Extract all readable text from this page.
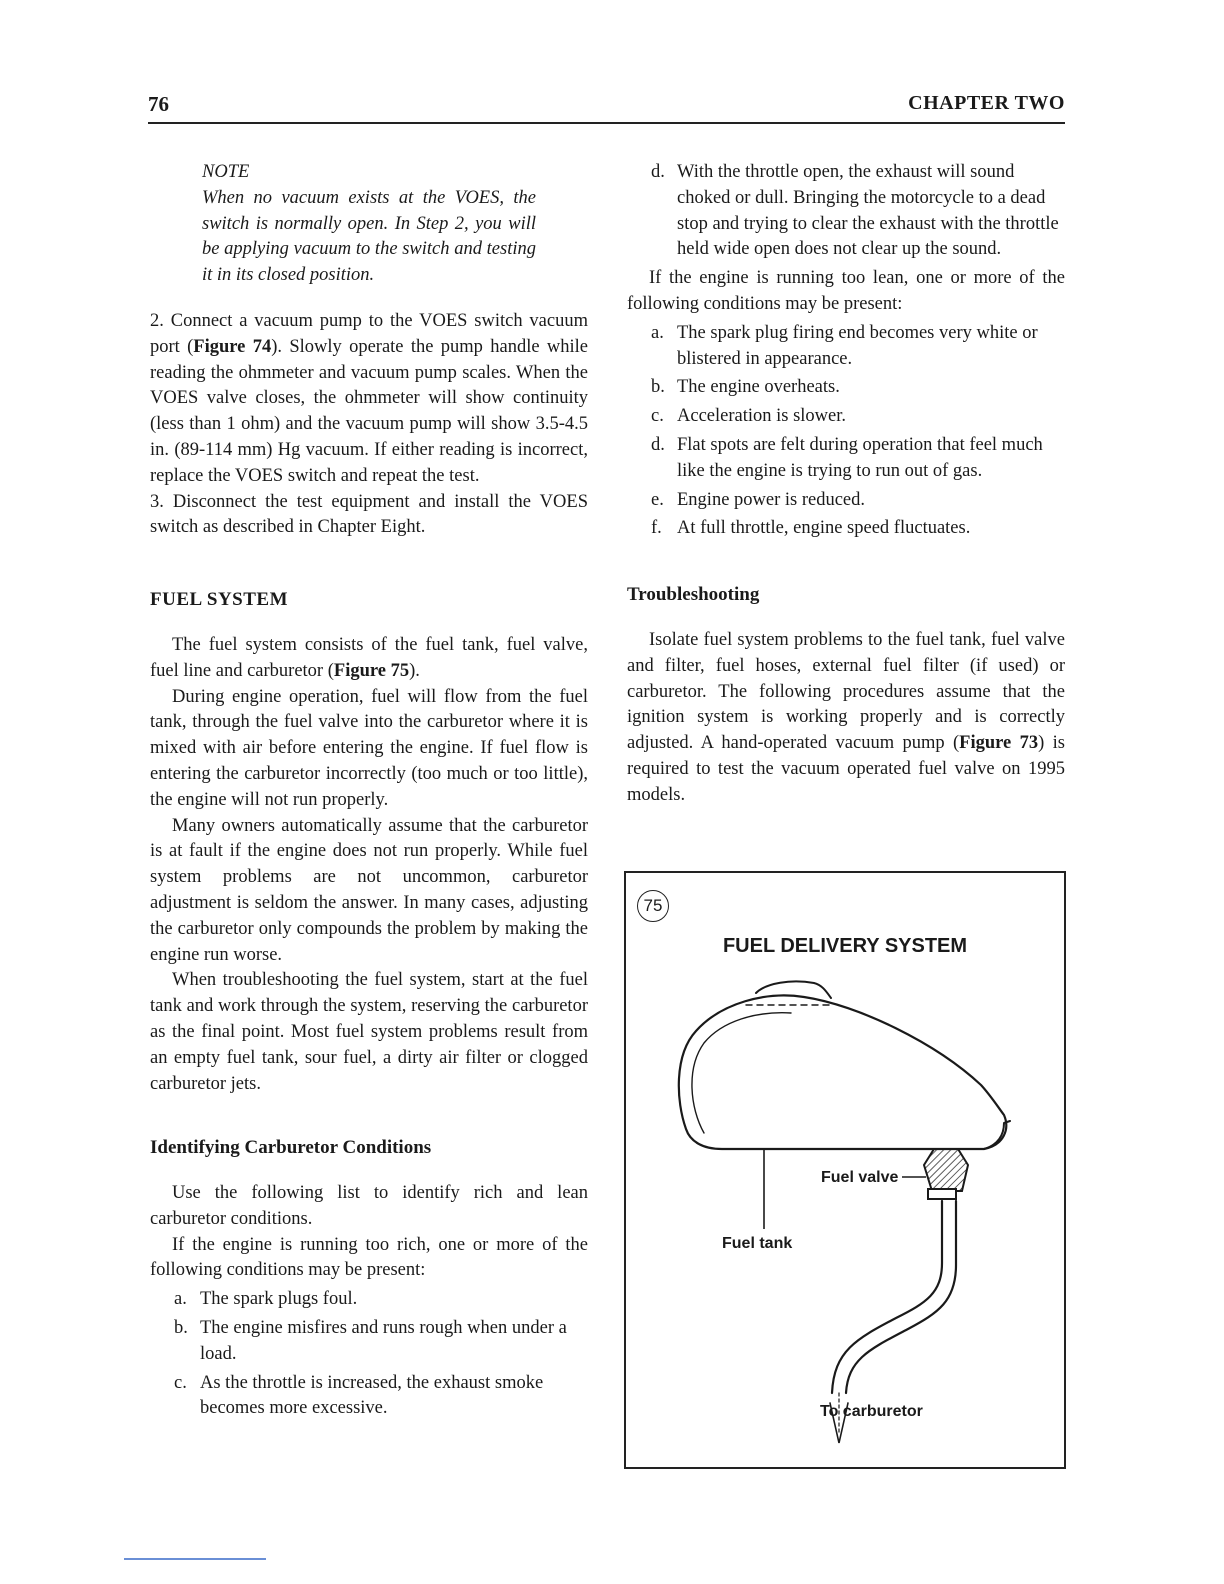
76	CHAPTER TWO

NOTE

When no vacuum exists at the VOES, the switch is normally open. In Step 2, you will be applying vacuum to the switch and testing it in its closed position.

2. Connect a vacuum pump to the VOES switch vacuum port (Figure 74). Slowly operate the pump handle while reading the ohmmeter and vacuum pump scales. When the VOES valve closes, the ohmmeter will show continuity (less than 1 ohm) and the vacuum pump will show 3.5-4.5 in. (89-114 mm) Hg vacuum. If either reading is incorrect, replace the VOES switch and repeat the test.

3. Disconnect the test equipment and install the VOES switch as described in Chapter Eight.

FUEL SYSTEM

The fuel system consists of the fuel tank, fuel valve, fuel line and carburetor (Figure 75).

During engine operation, fuel will flow from the fuel tank, through the fuel valve into the carburetor where it is mixed with air before entering the engine. If fuel flow is entering the carburetor incorrectly (too much or too little), the engine will not run properly.

Many owners automatically assume that the carburetor is at fault if the engine does not run properly. While fuel system problems are not uncommon, carburetor adjustment is seldom the answer. In many cases, adjusting the carburetor only compounds the problem by making the engine run worse.

When troubleshooting the fuel system, start at the fuel tank and work through the system, reserving the carburetor as the final point. Most fuel system problems result from an empty fuel tank, sour fuel, a dirty air filter or clogged carburetor jets.

Identifying Carburetor Conditions

Use the following list to identify rich and lean carburetor conditions.

If the engine is running too rich, one or more of the following conditions may be present:

a. The spark plugs foul.
b. The engine misfires and runs rough when under a load.
c. As the throttle is increased, the exhaust smoke becomes more excessive.
d. With the throttle open, the exhaust will sound choked or dull. Bringing the motorcycle to a dead stop and trying to clear the exhaust with the throttle held wide open does not clear up the sound.

If the engine is running too lean, one or more of the following conditions may be present:

a. The spark plug firing end becomes very white or blistered in appearance.
b. The engine overheats.
c. Acceleration is slower.
d. Flat spots are felt during operation that feel much like the engine is trying to run out of gas.
e. Engine power is reduced.
f. At full throttle, engine speed fluctuates.

Troubleshooting

Isolate fuel system problems to the fuel tank, fuel valve and filter, fuel hoses, external fuel filter (if used) or carburetor. The following procedures assume that the ignition system is working properly and is correctly adjusted. A hand-operated vacuum pump (Figure 73) is required to test the vacuum operated fuel valve on 1995 models.

75
FUEL DELIVERY SYSTEM
Fuel valve
Fuel tank
To carburetor
